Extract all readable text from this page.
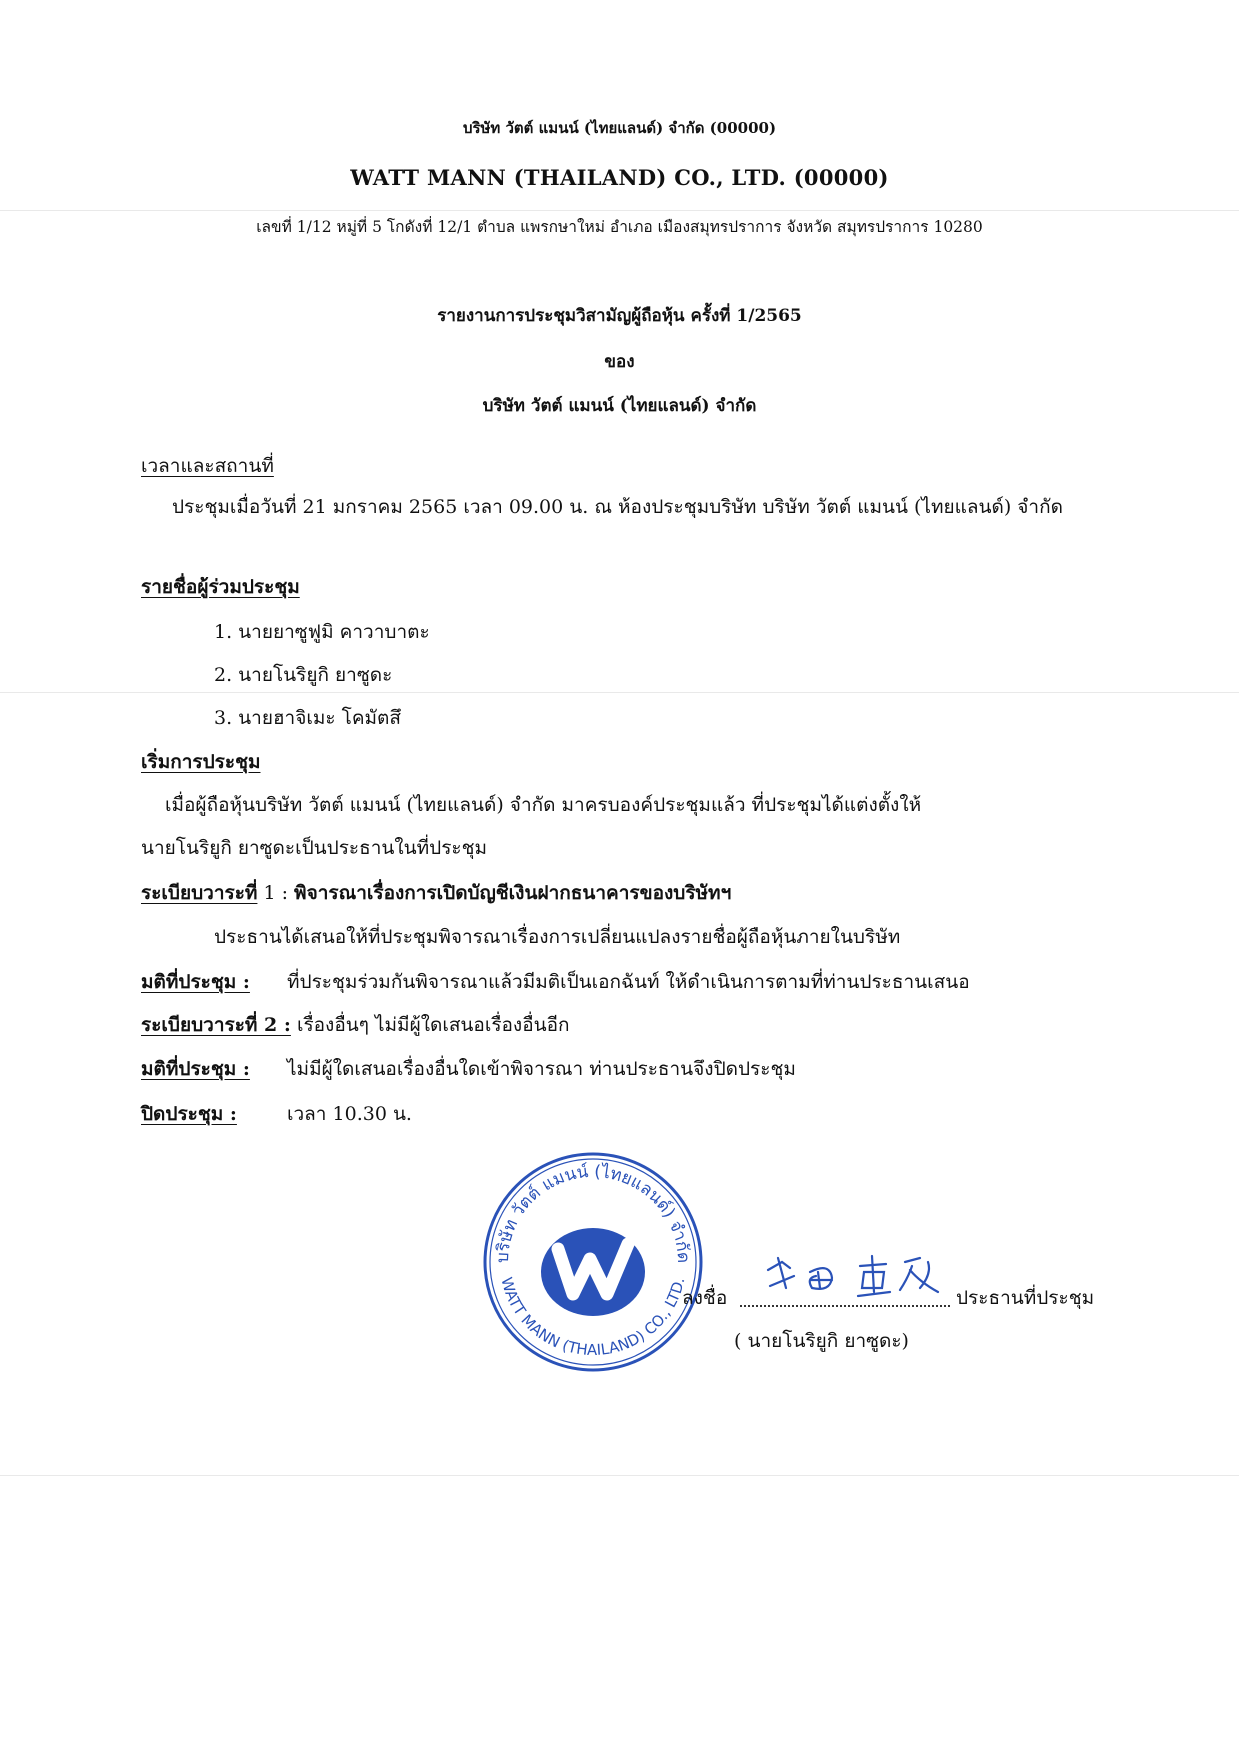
บริษัท วัตต์ แมนน์ (ไทยแลนด์) จำกัด (00000)
WATT MANN (THAILAND) CO., LTD. (00000)
เลขที่ 1/12 หมู่ที่ 5 โกดังที่ 12/1 ตำบล แพรกษาใหม่ อำเภอ เมืองสมุทรปราการ จังหวัด สมุทรปราการ 10280
รายงานการประชุมวิสามัญผู้ถือหุ้น ครั้งที่ 1/2565
ของ
บริษัท วัตต์ แมนน์ (ไทยแลนด์) จำกัด
เวลาและสถานที่
ประชุมเมื่อวันที่ 21 มกราคม 2565 เวลา 09.00 น. ณ ห้องประชุมบริษัท บริษัท วัตต์ แมนน์ (ไทยแลนด์) จำกัด
รายชื่อผู้ร่วมประชุม
1. นายยาซูฟูมิ คาวาบาตะ
2. นายโนริยูกิ ยาซูดะ
3. นายฮาจิเมะ โคมัตสึ
เริ่มการประชุม
เมื่อผู้ถือหุ้นบริษัท วัตต์ แมนน์ (ไทยแลนด์) จำกัด มาครบองค์ประชุมแล้ว ที่ประชุมได้แต่งตั้งให้
นายโนริยูกิ ยาซูดะเป็นประธานในที่ประชุม
ระเบียบวาระที่ 1 : พิจารณาเรื่องการเปิดบัญชีเงินฝากธนาคารของบริษัทฯ
ประธานได้เสนอให้ที่ประชุมพิจารณาเรื่องการเปลี่ยนแปลงรายชื่อผู้ถือหุ้นภายในบริษัท
มติที่ประชุม : ที่ประชุมร่วมกันพิจารณาแล้วมีมติเป็นเอกฉันท์ ให้ดำเนินการตามที่ท่านประธานเสนอ
ระเบียบวาระที่ 2 : เรื่องอื่นๆ ไม่มีผู้ใดเสนอเรื่องอื่นอีก
มติที่ประชุม : ไม่มีผู้ใดเสนอเรื่องอื่นใดเข้าพิจารณา ท่านประธานจึงปิดประชุม
ปิดประชุม :	เวลา 10.30 น.
บริษัท วัตต์ แมนน์ (ไทยแลนด์) จำกัด
WATT MANN (THAILAND) CO., LTD.
ลงชื่อ	ประธานที่ประชุม
( นายโนริยูกิ ยาซูดะ)
